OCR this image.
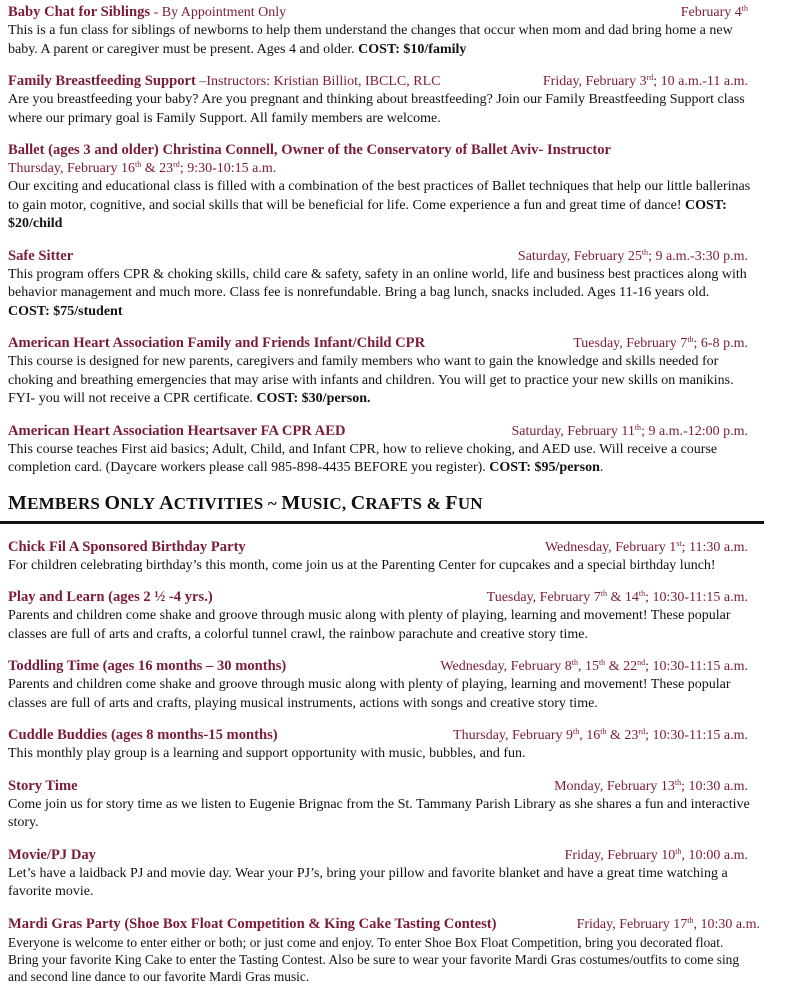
Baby Chat for Siblings - By Appointment Only	February 4th
This is a fun class for siblings of newborns to help them understand the changes that occur when mom and dad bring home a new baby. A parent or caregiver must be present. Ages 4 and older. COST: $10/family
Family Breastfeeding Support –Instructors: Kristian Billiot, IBCLC, RLC	Friday, February 3rd; 10 a.m.-11 a.m.
Are you breastfeeding your baby? Are you pregnant and thinking about breastfeeding? Join our Family Breastfeeding Support class where our primary goal is Family Support. All family members are welcome.
Ballet (ages 3 and older) Christina Connell, Owner of the Conservatory of Ballet Aviv- Instructor
Thursday, February 16th & 23rd; 9:30-10:15 a.m.
Our exciting and educational class is filled with a combination of the best practices of Ballet techniques that help our little ballerinas to gain motor, cognitive, and social skills that will be beneficial for life. Come experience a fun and great time of dance! COST: $20/child
Safe Sitter	Saturday, February 25th; 9 a.m.-3:30 p.m.
This program offers CPR & choking skills, child care & safety, safety in an online world, life and business best practices along with behavior management and much more. Class fee is nonrefundable. Bring a bag lunch, snacks included. Ages 11-16 years old. COST: $75/student
American Heart Association Family and Friends Infant/Child CPR	Tuesday, February 7th; 6-8 p.m.
This course is designed for new parents, caregivers and family members who want to gain the knowledge and skills needed for choking and breathing emergencies that may arise with infants and children. You will get to practice your new skills on manikins. FYI- you will not receive a CPR certificate. COST: $30/person.
American Heart Association Heartsaver FA CPR AED	Saturday, February 11th; 9 a.m.-12:00 p.m.
This course teaches First aid basics; Adult, Child, and Infant CPR, how to relieve choking, and AED use. Will receive a course completion card. (Daycare workers please call 985-898-4435 BEFORE you register). COST: $95/person.
MEMBERS ONLY ACTIVITIES ~ MUSIC, CRAFTS & FUN
Chick Fil A Sponsored Birthday Party	Wednesday, February 1st; 11:30 a.m.
For children celebrating birthday’s this month, come join us at the Parenting Center for cupcakes and a special birthday lunch!
Play and Learn (ages 2 ½ -4 yrs.)	Tuesday, February 7th & 14th; 10:30-11:15 a.m.
Parents and children come shake and groove through music along with plenty of playing, learning and movement! These popular classes are full of arts and crafts, a colorful tunnel crawl, the rainbow parachute and creative story time.
Toddling Time (ages 16 months – 30 months)	Wednesday, February 8th, 15th & 22nd; 10:30-11:15 a.m.
Parents and children come shake and groove through music along with plenty of playing, learning and movement! These popular classes are full of arts and crafts, playing musical instruments, actions with songs and creative story time.
Cuddle Buddies (ages 8 months-15 months)	Thursday, February 9th, 16th & 23rd; 10:30-11:15 a.m.
This monthly play group is a learning and support opportunity with music, bubbles, and fun.
Story Time	Monday, February 13th; 10:30 a.m.
Come join us for story time as we listen to Eugenie Brignac from the St. Tammany Parish Library as she shares a fun and interactive story.
Movie/PJ Day	Friday, February 10th, 10:00 a.m.
Let’s have a laidback PJ and movie day. Wear your PJ’s, bring your pillow and favorite blanket and have a great time watching a favorite movie.
Mardi Gras Party (Shoe Box Float Competition & King Cake Tasting Contest)	Friday, February 17th, 10:30 a.m.
Everyone is welcome to enter either or both; or just come and enjoy. To enter Shoe Box Float Competition, bring you decorated float. Bring your favorite King Cake to enter the Tasting Contest. Also be sure to wear your favorite Mardi Gras costumes/outfits to come sing and second line dance to our favorite Mardi Gras music.
